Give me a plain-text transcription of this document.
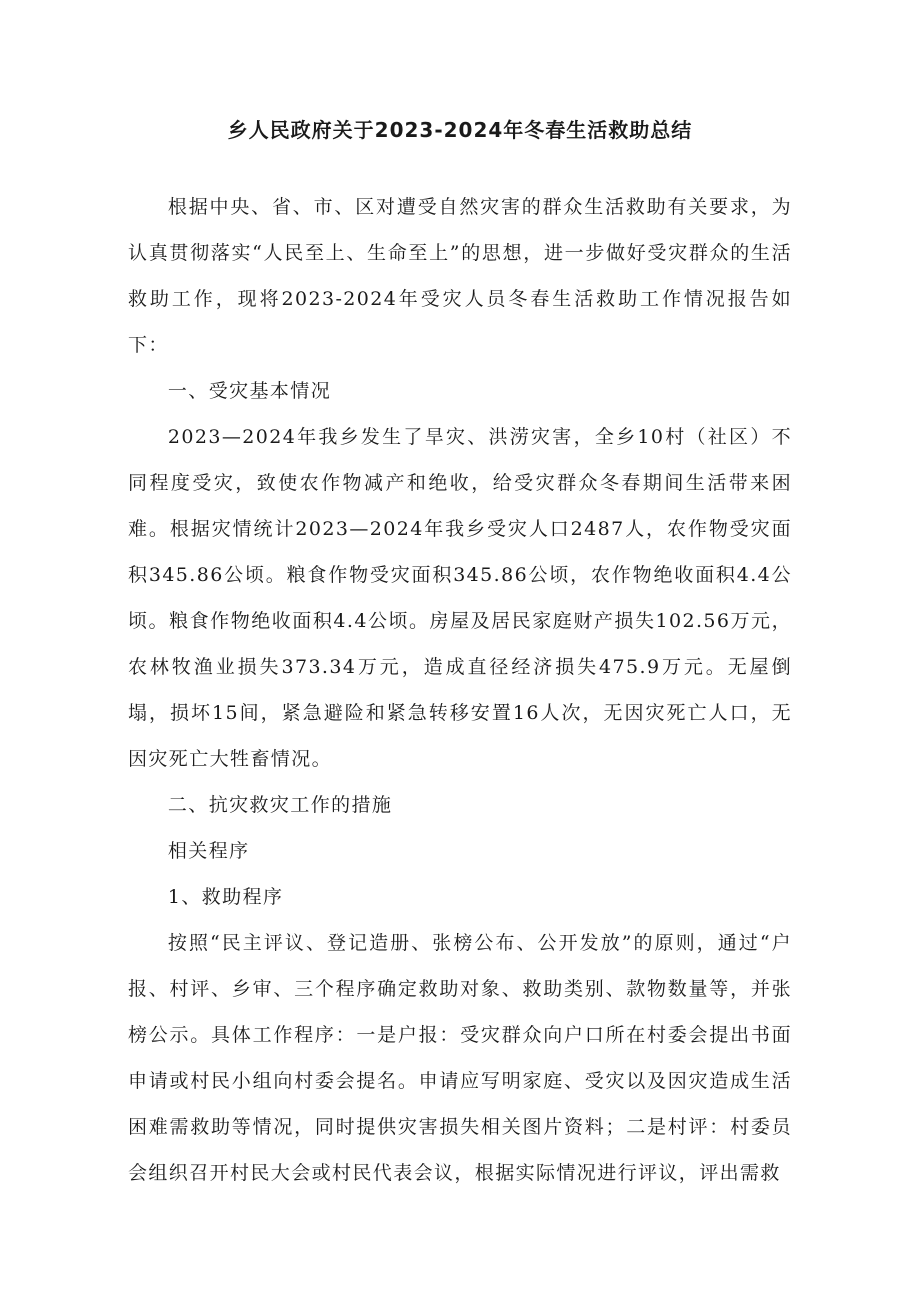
乡人民政府关于2023-2024年冬春生活救助总结

根据中央、省、市、区对遭受自然灾害的群众生活救助有关要求，为认真贯彻落实“人民至上、生命至上”的思想，进一步做好受灾群众的生活救助工作，现将2023-2024年受灾人员冬春生活救助工作情况报告如下：

一、受灾基本情况

2023—2024年我乡发生了旱灾、洪涝灾害，全乡10村（社区）不同程度受灾，致使农作物减产和绝收，给受灾群众冬春期间生活带来困难。根据灾情统计2023—2024年我乡受灾人口2487人，农作物受灾面积345.86公顷。粮食作物受灾面积345.86公顷，农作物绝收面积4.4公顷。粮食作物绝收面积4.4公顷。房屋及居民家庭财产损失102.56万元，农林牧渔业损失373.34万元，造成直径经济损失475.9万元。无屋倒塌，损坏15间，紧急避险和紧急转移安置16人次，无因灾死亡人口，无因灾死亡大牲畜情况。

二、抗灾救灾工作的措施

相关程序

1、救助程序

按照“民主评议、登记造册、张榜公布、公开发放”的原则，通过“户报、村评、乡审、三个程序确定救助对象、救助类别、款物数量等，并张榜公示。具体工作程序：一是户报：受灾群众向户口所在村委会提出书面申请或村民小组向村委会提名。申请应写明家庭、受灾以及因灾造成生活困难需救助等情况，同时提供灾害损失相关图片资料；二是村评：村委员会组织召开村民大会或村民代表会议，根据实际情况进行评议，评出需救
